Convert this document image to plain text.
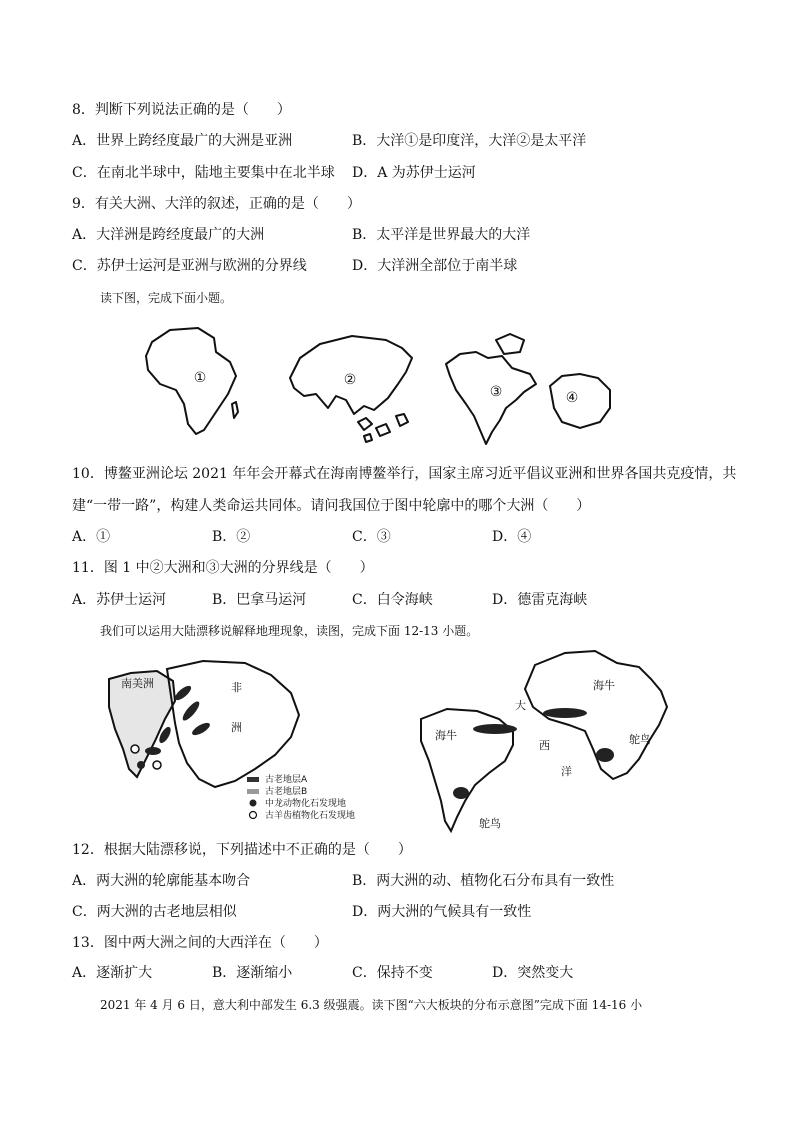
8．判断下列说法正确的是（　　）
A．世界上跨经度最广的大洲是亚洲	B．大洋①是印度洋，大洋②是太平洋
C．在南北半球中，陆地主要集中在北半球 D．A 为苏伊士运河
9．有关大洲、大洋的叙述，正确的是（　　）
A．大洋洲是跨经度最广的大洲	B．太平洋是世界最大的大洋
C．苏伊士运河是亚洲与欧洲的分界线	D．大洋洲全部位于南半球
读下图，完成下面小题。
①	②
③	④
10．博鳌亚洲论坛 2021 年年会开幕式在海南博鳌举行，国家主席习近平倡议亚洲和世界各国共克疫情，共
建“一带一路”，构建人类命运共同体。请问我国位于图中轮廓中的哪个大洲（　　）
A．①	B．②	C．③	D．④
11．图 1 中②大洲和③大洲的分界线是（　　）
A．苏伊士运河	B．巴拿马运河	C．白令海峡	D．德雷克海峡
我们可以运用大陆漂移说解释地理现象，读图，完成下面 12-13 小题。
南美洲	非
洲
古老地层A
古老地层B
中龙动物化石发现地
古羊齿植物化石发现地
海牛
鸵鸟
海牛
鸵鸟
大
西
洋
12．根据大陆漂移说，下列描述中不正确的是（　　）
A．两大洲的轮廓能基本吻合	B．两大洲的动、植物化石分布具有一致性
C．两大洲的古老地层相似	D．两大洲的气候具有一致性
13．图中两大洲之间的大西洋在（　　）
A．逐渐扩大	B．逐渐缩小	C．保持不变	D．突然变大
2021 年 4 月 6 日，意大利中部发生 6.3 级强震。读下图“六大板块的分布示意图”完成下面 14-16 小
